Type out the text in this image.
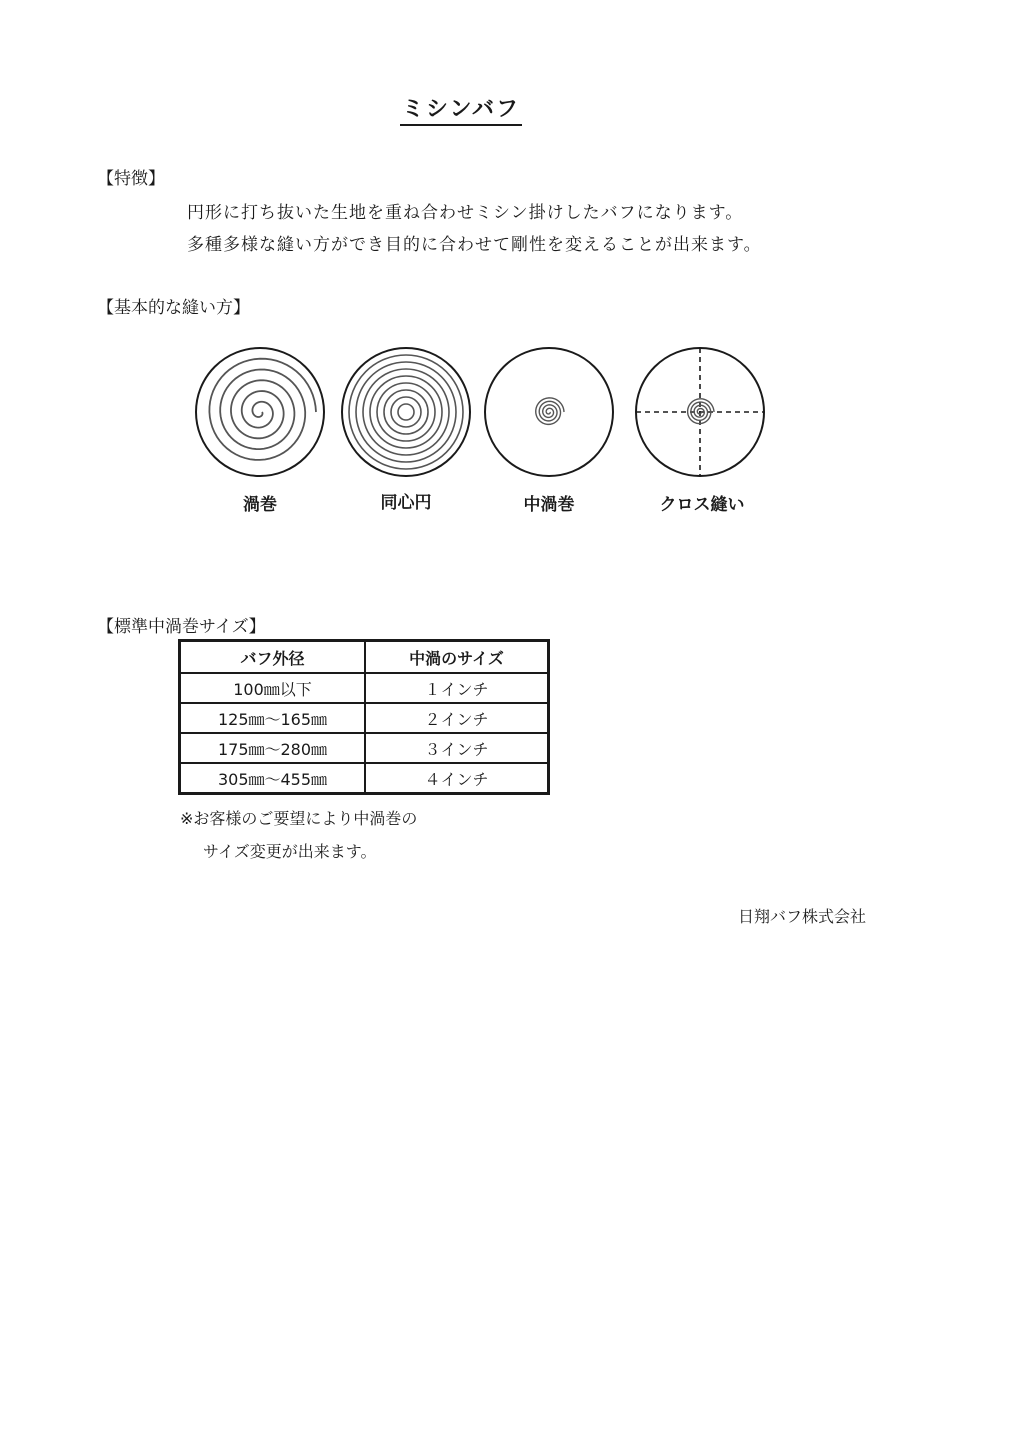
ミシンバフ
【特徴】
円形に打ち抜いた生地を重ね合わせミシン掛けしたバフになります。
多種多様な縫い方ができ目的に合わせて剛性を変えることが出来ます。
【基本的な縫い方】
渦巻	同心円	中渦巻	クロス縫い
【標準中渦巻サイズ】
バフ外径	中渦のサイズ
100㎜以下	１インチ
125㎜～165㎜	２インチ
175㎜～280㎜	３インチ
305㎜～455㎜	４インチ
※お客様のご要望により中渦巻の
サイズ変更が出来ます。
日翔バフ株式会社
